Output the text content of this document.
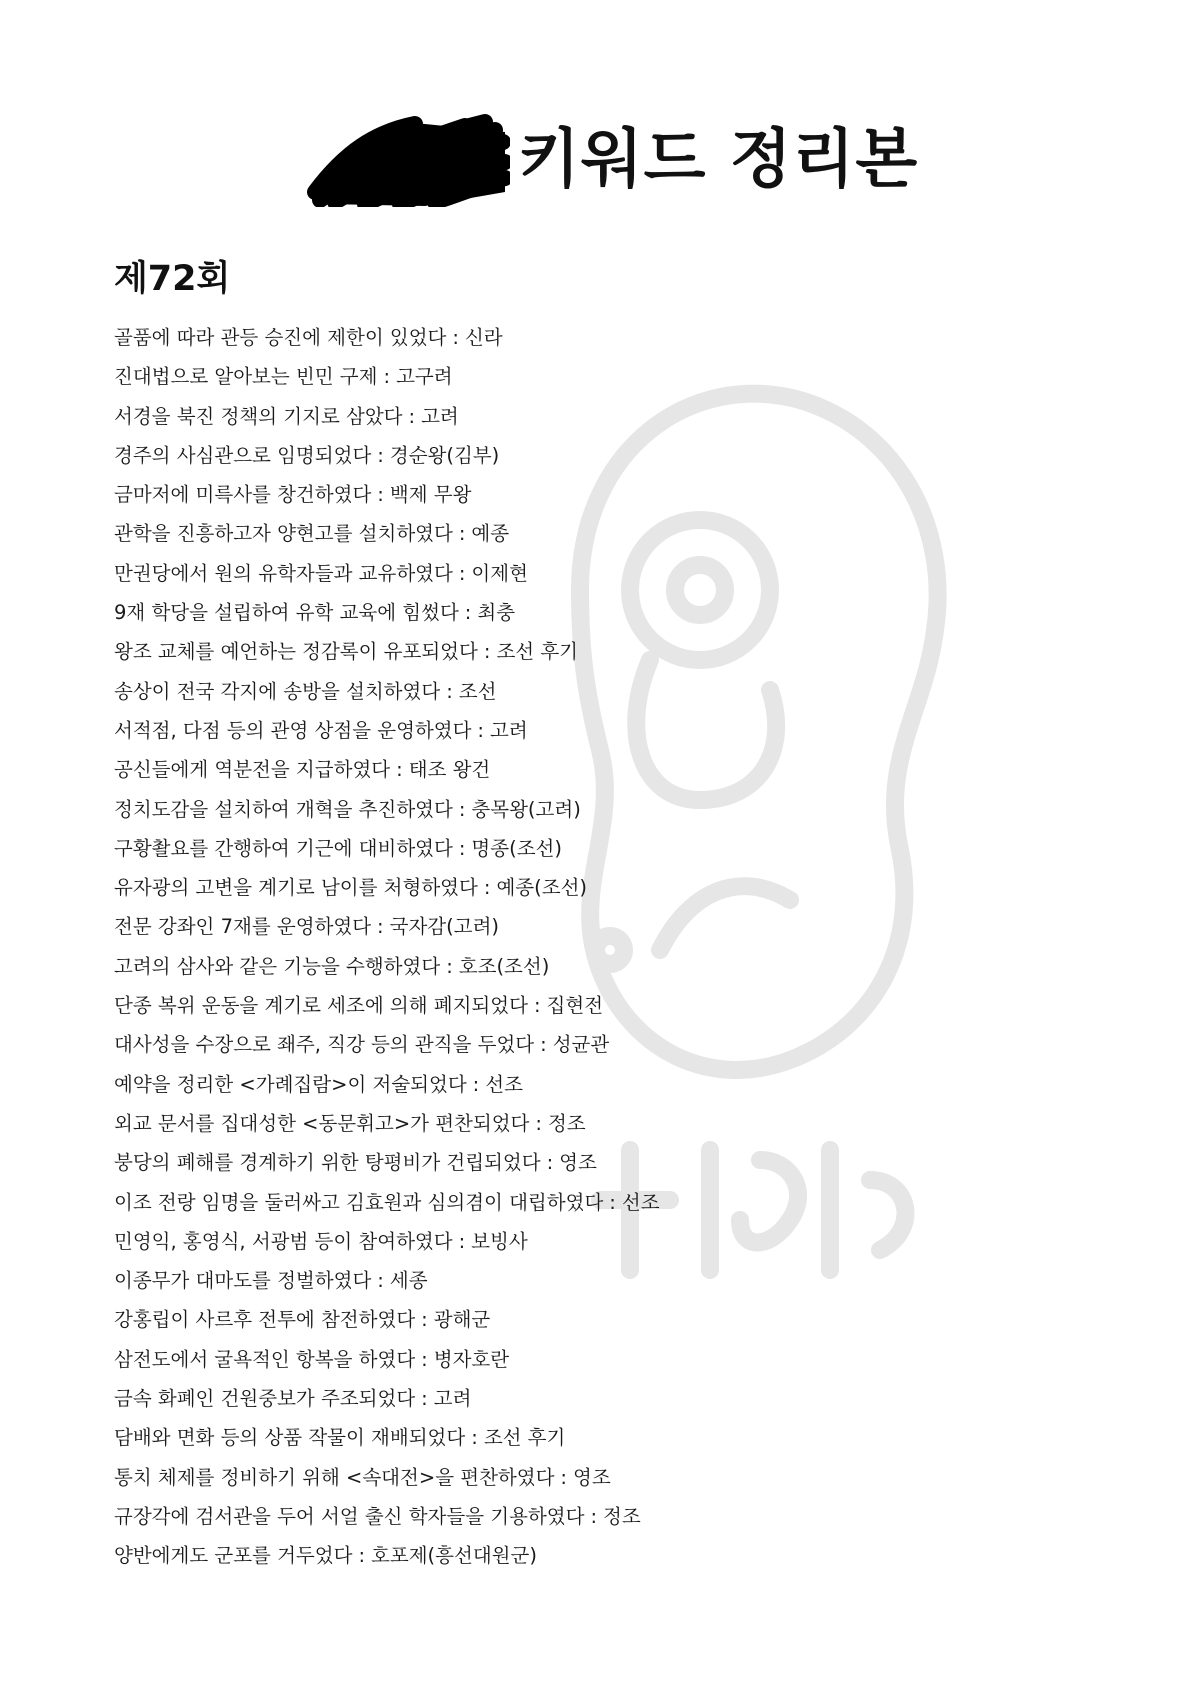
키워드 정리본
제72회
골품에 따라 관등 승진에 제한이 있었다 : 신라
진대법으로 알아보는 빈민 구제 : 고구려
서경을 북진 정책의 기지로 삼았다 : 고려
경주의 사심관으로 임명되었다 : 경순왕(김부)
금마저에 미륵사를 창건하였다 : 백제 무왕
관학을 진흥하고자 양현고를 설치하였다 : 예종
만권당에서 원의 유학자들과 교유하였다 : 이제현
9재 학당을 설립하여 유학 교육에 힘썼다 : 최충
왕조 교체를 예언하는 정감록이 유포되었다 : 조선 후기
송상이 전국 각지에 송방을 설치하였다 : 조선
서적점, 다점 등의 관영 상점을 운영하였다 : 고려
공신들에게 역분전을 지급하였다 : 태조 왕건
정치도감을 설치하여 개혁을 추진하였다 : 충목왕(고려)
구황촬요를 간행하여 기근에 대비하였다 : 명종(조선)
유자광의 고변을 계기로 남이를 처형하였다 : 예종(조선)
전문 강좌인 7재를 운영하였다 : 국자감(고려)
고려의 삼사와 같은 기능을 수행하였다 : 호조(조선)
단종 복위 운동을 계기로 세조에 의해 폐지되었다 : 집현전
대사성을 수장으로 좨주, 직강 등의 관직을 두었다 : 성균관
예약을 정리한 <가례집람>이 저술되었다 : 선조
외교 문서를 집대성한 <동문휘고>가 편찬되었다 : 정조
붕당의 폐해를 경계하기 위한 탕평비가 건립되었다 : 영조
이조 전랑 임명을 둘러싸고 김효원과 심의겸이 대립하였다 : 선조
민영익, 홍영식, 서광범 등이 참여하였다 : 보빙사
이종무가 대마도를 정벌하였다 : 세종
강홍립이 사르후 전투에 참전하였다 : 광해군
삼전도에서 굴욕적인 항복을 하였다 : 병자호란
금속 화폐인 건원중보가 주조되었다 : 고려
담배와 면화 등의 상품 작물이 재배되었다 : 조선 후기
통치 체제를 정비하기 위해 <속대전>을 편찬하였다 : 영조
규장각에 검서관을 두어 서얼 출신 학자들을 기용하였다 : 정조
양반에게도 군포를 거두었다 : 호포제(흥선대원군)
